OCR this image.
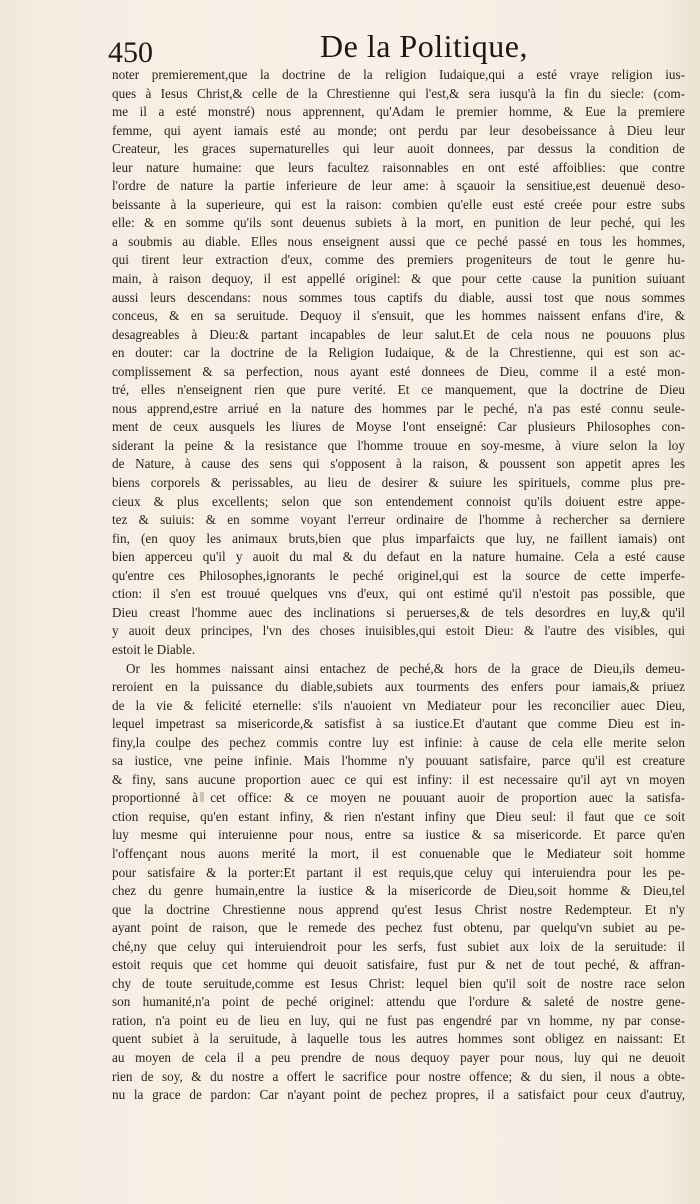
450	De la Politique,
noter premierement,que la doctrine de la religion Iudaique,qui a esté vraye religion ius-
ques à Iesus Christ,& celle de la Chrestienne qui l'est,& sera iusqu'à la fin du siecle: (com-
me il a esté monstré) nous apprennent, qu'Adam le premier homme, & Eue la premiere
femme, qui ayent iamais esté au monde; ont perdu par leur desobeissance à Dieu leur
Createur, les graces supernaturelles qui leur auoit donnees, par dessus la condition de
leur nature humaine: que leurs facultez raisonnables en ont esté affoiblies: que contre
l'ordre de nature la partie inferieure de leur ame: à sçauoir la sensitiue,est deuenuë deso-
beissante à la superieure, qui est la raison: combien qu'elle eust esté creée pour estre subs
elle: & en somme qu'ils sont deuenus subiets à la mort, en punition de leur peché, qui les
a soubmis au diable. Elles nous enseignent aussi que ce peché passé en tous les hommes,
qui tirent leur extraction d'eux, comme des premiers progeniteurs de tout le genre hu-
main, à raison dequoy, il est appellé originel: & que pour cette cause la punition suiuant
aussi leurs descendans: nous sommes tous captifs du diable, aussi tost que nous sommes
conceus, & en sa seruitude. Dequoy il s'ensuit, que les hommes naissent enfans d'ire, &
desagreables à Dieu:& partant incapables de leur salut.Et de cela nous ne pouuons plus
en douter: car la doctrine de la Religion Iudaique, & de la Chrestienne, qui est son ac-
complissement & sa perfection, nous ayant esté donnees de Dieu, comme il a esté mon-
tré, elles n'enseignent rien que pure verité. Et ce manquement, que la doctrine de Dieu
nous apprend,estre arriué en la nature des hommes par le peché, n'a pas esté connu seule-
ment de ceux ausquels les liures de Moyse l'ont enseigné: Car plusieurs Philosophes con-
siderant la peine & la resistance que l'homme trouue en soy-mesme, à viure selon la loy
de Nature, à cause des sens qui s'opposent à la raison, & poussent son appetit apres les
biens corporels & perissables, au lieu de desirer & suiure les spirituels, comme plus pre-
cieux & plus excellents; selon que son entendement connoist qu'ils doiuent estre appe-
tez & suiuis: & en somme voyant l'erreur ordinaire de l'homme à rechercher sa derniere
fin, (en quoy les animaux bruts,bien que plus imparfaicts que luy, ne faillent iamais) ont
bien apperceu qu'il y auoit du mal & du defaut en la nature humaine. Cela a esté cause
qu'entre ces Philosophes,ignorants le peché originel,qui est la source de cette imperfe-
ction: il s'en est trouué quelques vns d'eux, qui ont estimé qu'il n'estoit pas possible, que
Dieu creast l'homme auec des inclinations si peruerses,& de tels desordres en luy,& qu'il
y auoit deux principes, l'vn des choses inuisibles,qui estoit Dieu: & l'autre des visibles, qui
estoit le Diable.
Or les hommes naissant ainsi entachez de peché,& hors de la grace de Dieu,ils demeu-
reroient en la puissance du diable,subiets aux tourments des enfers pour iamais,& priuez
de la vie & felicité eternelle: s'ils n'auoient vn Mediateur pour les reconcilier auec Dieu,
lequel impetrast sa misericorde,& satisfist à sa iustice.Et d'autant que comme Dieu est in-
finy,la coulpe des pechez commis contre luy est infinie: à cause de cela elle merite selon
sa iustice, vne peine infinie. Mais l'homme n'y pouuant satisfaire, parce qu'il est creature
& finy, sans aucune proportion auec ce qui est infiny: il est necessaire qu'il ayt vn moyen
proportionné à cet office: & ce moyen ne pouuant auoir de proportion auec la satisfa-
ction requise, qu'en estant infiny, & rien n'estant infiny que Dieu seul: il faut que ce soit
luy mesme qui interuienne pour nous, entre sa iustice & sa misericorde. Et parce qu'en
l'offençant nous auons merité la mort, il est conuenable que le Mediateur soit homme
pour satisfaire & la porter:Et partant il est requis,que celuy qui interuiendra pour les pe-
chez du genre humain,entre la iustice & la misericorde de Dieu,soit homme & Dieu,tel
que la doctrine Chrestienne nous apprend qu'est Iesus Christ nostre Redempteur. Et n'y
ayant point de raison, que le remede des pechez fust obtenu, par quelqu'vn subiet au pe-
ché,ny que celuy qui interuiendroit pour les serfs, fust subiet aux loix de la seruitude: il
estoit requis que cet homme qui deuoit satisfaire, fust pur & net de tout peché, & affran-
chy de toute seruitude,comme est Iesus Christ: lequel bien qu'il soit de nostre race selon
son humanité,n'a point de peché originel: attendu que l'ordure & saleté de nostre gene-
ration, n'a point eu de lieu en luy, qui ne fust pas engendré par vn homme, ny par conse-
quent subiet à la seruitude, à laquelle tous les autres hommes sont obligez en naissant: Et
au moyen de cela il a peu prendre de nous dequoy payer pour nous, luy qui ne deuoit
rien de soy, & du nostre a offert le sacrifice pour nostre offence; & du sien, il nous a obte-
nu la grace de pardon: Car n'ayant point de pechez propres, il a satisfaict pour ceux d'autruy,
